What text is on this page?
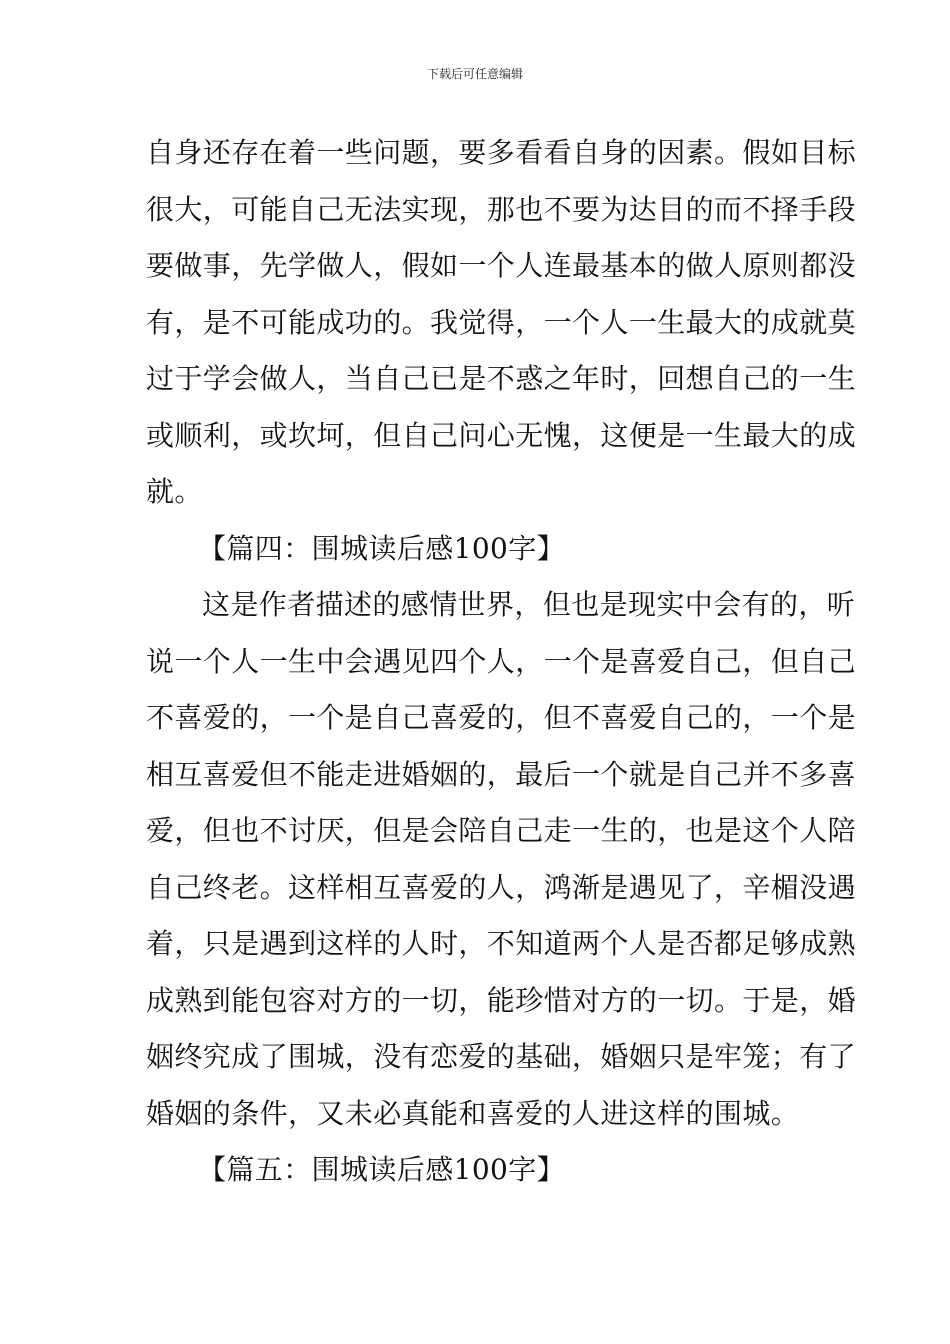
下载后可任意编辑
自身还存在着一些问题，要多看看自身的因素。假如目标
很大，可能自己无法实现，那也不要为达目的而不择手段
要做事，先学做人，假如一个人连最基本的做人原则都没
有，是不可能成功的。我觉得，一个人一生最大的成就莫
过于学会做人，当自己已是不惑之年时，回想自己的一生
或顺利，或坎坷，但自己问心无愧，这便是一生最大的成
就。
【篇四：围城读后感100字】
这是作者描述的感情世界，但也是现实中会有的，听
说一个人一生中会遇见四个人，一个是喜爱自己，但自己
不喜爱的，一个是自己喜爱的，但不喜爱自己的，一个是
相互喜爱但不能走进婚姻的，最后一个就是自己并不多喜
爱，但也不讨厌，但是会陪自己走一生的，也是这个人陪
自己终老。这样相互喜爱的人，鸿渐是遇见了，辛楣没遇
着，只是遇到这样的人时，不知道两个人是否都足够成熟
成熟到能包容对方的一切，能珍惜对方的一切。于是，婚
姻终究成了围城，没有恋爱的基础，婚姻只是牢笼；有了
婚姻的条件，又未必真能和喜爱的人进这样的围城。
【篇五：围城读后感100字】
